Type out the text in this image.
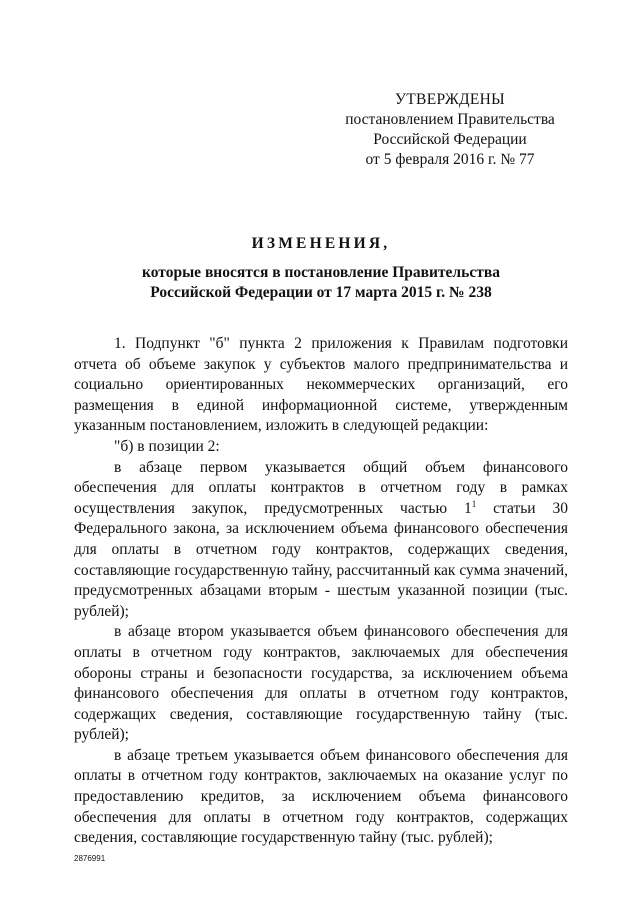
УТВЕРЖДЕНЫ
постановлением Правительства
Российской Федерации
от 5 февраля 2016 г. № 77
ИЗМЕНЕНИЯ,
которые вносятся в постановление Правительства
Российской Федерации от 17 марта 2015 г. № 238

1. Подпункт "б" пункта 2 приложения к Правилам подготовки отчета об объеме закупок у субъектов малого предпринимательства и социально ориентированных некоммерческих организаций, его размещения в единой информационной системе, утвержденным указанным постановлением, изложить в следующей редакции:

"б) в позиции 2:

в абзаце первом указывается общий объем финансового обеспечения для оплаты контрактов в отчетном году в рамках осуществления закупок, предусмотренных частью $1^1$ статьи 30 Федерального закона, за исключением объема финансового обеспечения для оплаты в отчетном году контрактов, содержащих сведения, составляющие государственную тайну, рассчитанный как сумма значений, предусмотренных абзацами вторым - шестым указанной позиции (тыс. рублей);

в абзаце втором указывается объем финансового обеспечения для оплаты в отчетном году контрактов, заключаемых для обеспечения обороны страны и безопасности государства, за исключением объема финансового обеспечения для оплаты в отчетном году контрактов, содержащих сведения, составляющие государственную тайну (тыс. рублей);

в абзаце третьем указывается объем финансового обеспечения для оплаты в отчетном году контрактов, заключаемых на оказание услуг по предоставлению кредитов, за исключением объема финансового обеспечения для оплаты в отчетном году контрактов, содержащих сведения, составляющие государственную тайну (тыс. рублей);

2876991
